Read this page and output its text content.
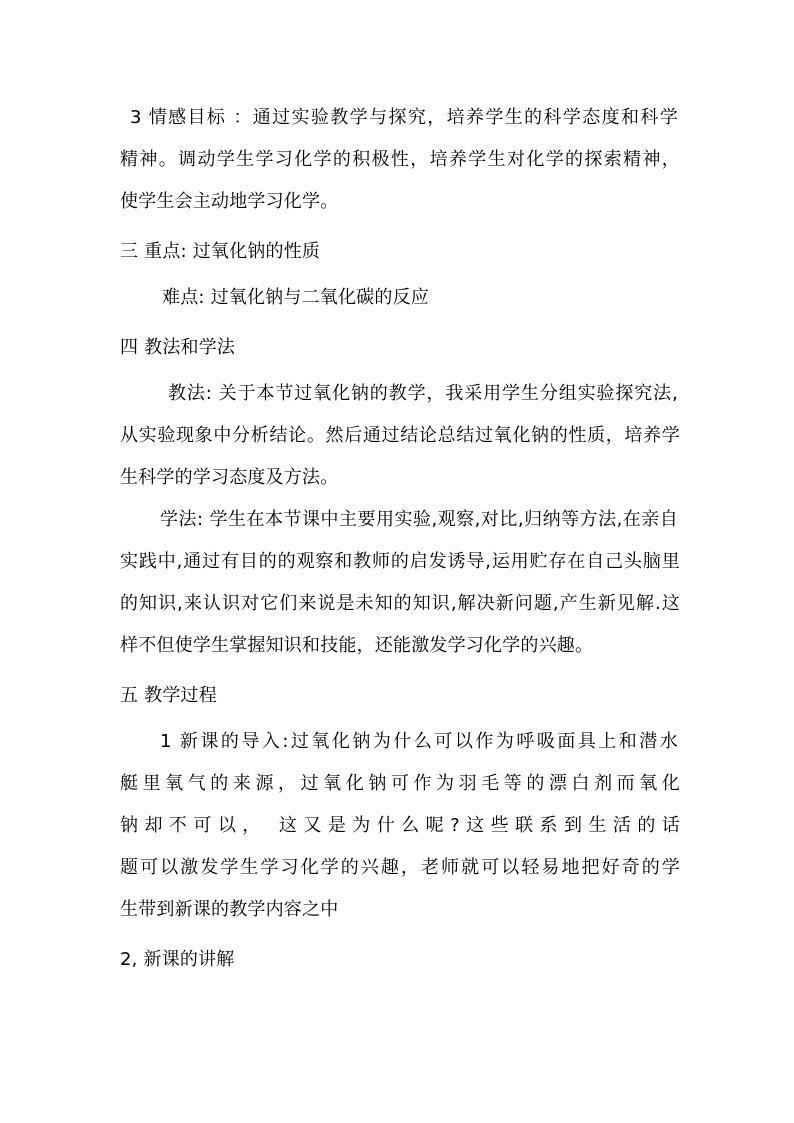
3 情感目标 ：通过实验教学与探究，培养学生的科学态度和科学
精神。调动学生学习化学的积极性，培养学生对化学的探索精神，
使学生会主动地学习化学。
三 重点: 过氧化钠的性质
难点: 过氧化钠与二氧化碳的反应
四 教法和学法
教法: 关于本节过氧化钠的教学，我采用学生分组实验探究法,
从实验现象中分析结论。然后通过结论总结过氧化钠的性质，培养学
生科学的学习态度及方法。
学法: 学生在本节课中主要用实验,观察,对比,归纳等方法,在亲自
实践中,通过有目的的观察和教师的启发诱导,运用贮存在自己头脑里
的知识,来认识对它们来说是未知的知识,解决新问题,产生新见解.这
样不但使学生掌握知识和技能，还能激发学习化学的兴趣。
五 教学过程
1 新课的导入:过氧化钠为什么可以作为呼吸面具上和潜水
艇里氧气的来源，过氧化钠可作为羽毛等的漂白剂而氧化
钠却不可以， 这又是为什么呢?这些联系到生活的话
题可以激发学生学习化学的兴趣，老师就可以轻易地把好奇的学
生带到新课的教学内容之中
2, 新课的讲解
